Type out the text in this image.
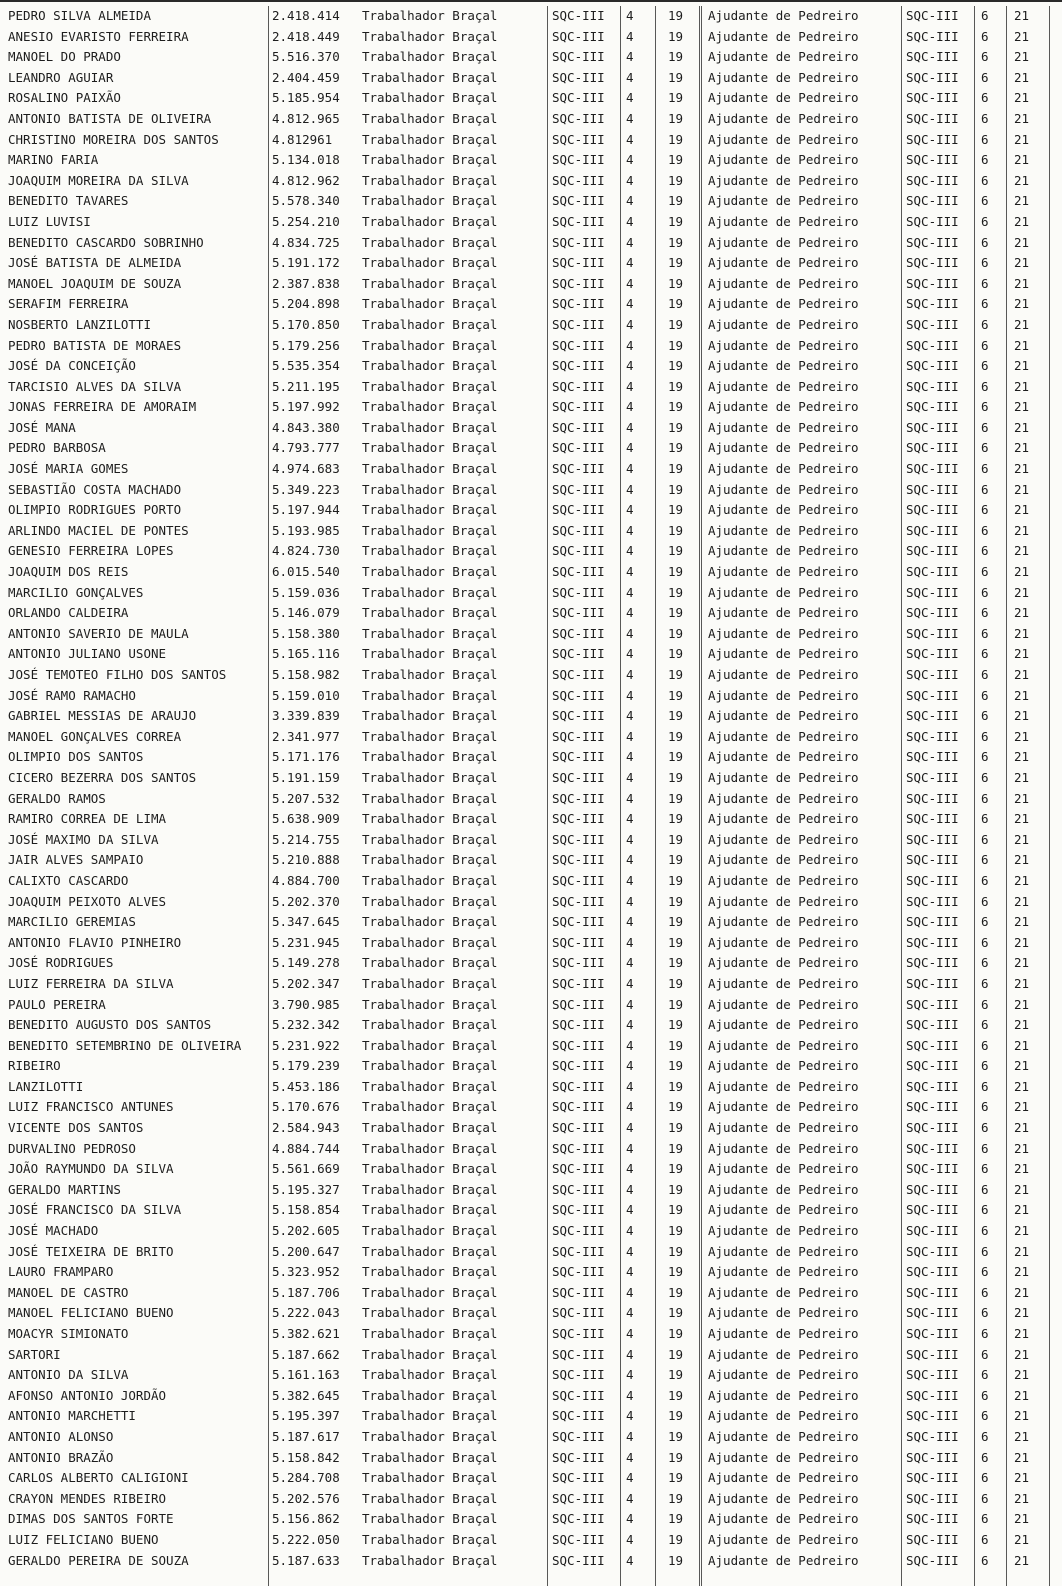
PEDRO SILVA ALMEIDA	2.418.414	Trabalhador Braçal	SQC-III	4	19	Ajudante de Pedreiro	SQC-III	6	21
ANESIO EVARISTO FERREIRA	2.418.449	Trabalhador Braçal	SQC-III	4	19	Ajudante de Pedreiro	SQC-III	6	21
MANOEL DO PRADO	5.516.370	Trabalhador Braçal	SQC-III	4	19	Ajudante de Pedreiro	SQC-III	6	21
LEANDRO AGUIAR	2.404.459	Trabalhador Braçal	SQC-III	4	19	Ajudante de Pedreiro	SQC-III	6	21
ROSALINO PAIXÃO	5.185.954	Trabalhador Braçal	SQC-III	4	19	Ajudante de Pedreiro	SQC-III	6	21
ANTONIO BATISTA DE OLIVEIRA	4.812.965	Trabalhador Braçal	SQC-III	4	19	Ajudante de Pedreiro	SQC-III	6	21
CHRISTINO MOREIRA DOS SANTOS	4.812961	Trabalhador Braçal	SQC-III	4	19	Ajudante de Pedreiro	SQC-III	6	21
MARINO FARIA	5.134.018	Trabalhador Braçal	SQC-III	4	19	Ajudante de Pedreiro	SQC-III	6	21
JOAQUIM MOREIRA DA SILVA	4.812.962	Trabalhador Braçal	SQC-III	4	19	Ajudante de Pedreiro	SQC-III	6	21
BENEDITO TAVARES	5.578.340	Trabalhador Braçal	SQC-III	4	19	Ajudante de Pedreiro	SQC-III	6	21
LUIZ LUVISI	5.254.210	Trabalhador Braçal	SQC-III	4	19	Ajudante de Pedreiro	SQC-III	6	21
BENEDITO CASCARDO SOBRINHO	4.834.725	Trabalhador Braçal	SQC-III	4	19	Ajudante de Pedreiro	SQC-III	6	21
JOSÉ BATISTA DE ALMEIDA	5.191.172	Trabalhador Braçal	SQC-III	4	19	Ajudante de Pedreiro	SQC-III	6	21
MANOEL JOAQUIM DE SOUZA	2.387.838	Trabalhador Braçal	SQC-III	4	19	Ajudante de Pedreiro	SQC-III	6	21
SERAFIM FERREIRA	5.204.898	Trabalhador Braçal	SQC-III	4	19	Ajudante de Pedreiro	SQC-III	6	21
NOSBERTO LANZILOTTI	5.170.850	Trabalhador Braçal	SQC-III	4	19	Ajudante de Pedreiro	SQC-III	6	21
PEDRO BATISTA DE MORAES	5.179.256	Trabalhador Braçal	SQC-III	4	19	Ajudante de Pedreiro	SQC-III	6	21
JOSÉ DA CONCEIÇÃO	5.535.354	Trabalhador Braçal	SQC-III	4	19	Ajudante de Pedreiro	SQC-III	6	21
TARCISIO ALVES DA SILVA	5.211.195	Trabalhador Braçal	SQC-III	4	19	Ajudante de Pedreiro	SQC-III	6	21
JONAS FERREIRA DE AMORAIM	5.197.992	Trabalhador Braçal	SQC-III	4	19	Ajudante de Pedreiro	SQC-III	6	21
JOSÉ MANA	4.843.380	Trabalhador Braçal	SQC-III	4	19	Ajudante de Pedreiro	SQC-III	6	21
PEDRO BARBOSA	4.793.777	Trabalhador Braçal	SQC-III	4	19	Ajudante de Pedreiro	SQC-III	6	21
JOSÉ MARIA GOMES	4.974.683	Trabalhador Braçal	SQC-III	4	19	Ajudante de Pedreiro	SQC-III	6	21
SEBASTIÃO COSTA MACHADO	5.349.223	Trabalhador Braçal	SQC-III	4	19	Ajudante de Pedreiro	SQC-III	6	21
OLIMPIO RODRIGUES PORTO	5.197.944	Trabalhador Braçal	SQC-III	4	19	Ajudante de Pedreiro	SQC-III	6	21
ARLINDO MACIEL DE PONTES	5.193.985	Trabalhador Braçal	SQC-III	4	19	Ajudante de Pedreiro	SQC-III	6	21
GENESIO FERREIRA LOPES	4.824.730	Trabalhador Braçal	SQC-III	4	19	Ajudante de Pedreiro	SQC-III	6	21
JOAQUIM DOS REIS	6.015.540	Trabalhador Braçal	SQC-III	4	19	Ajudante de Pedreiro	SQC-III	6	21
MARCILIO GONÇALVES	5.159.036	Trabalhador Braçal	SQC-III	4	19	Ajudante de Pedreiro	SQC-III	6	21
ORLANDO CALDEIRA	5.146.079	Trabalhador Braçal	SQC-III	4	19	Ajudante de Pedreiro	SQC-III	6	21
ANTONIO SAVERIO DE MAULA	5.158.380	Trabalhador Braçal	SQC-III	4	19	Ajudante de Pedreiro	SQC-III	6	21
ANTONIO JULIANO USONE	5.165.116	Trabalhador Braçal	SQC-III	4	19	Ajudante de Pedreiro	SQC-III	6	21
JOSÉ TEMOTEO FILHO DOS SANTOS	5.158.982	Trabalhador Braçal	SQC-III	4	19	Ajudante de Pedreiro	SQC-III	6	21
JOSÉ RAMO RAMACHO	5.159.010	Trabalhador Braçal	SQC-III	4	19	Ajudante de Pedreiro	SQC-III	6	21
GABRIEL MESSIAS DE ARAUJO	3.339.839	Trabalhador Braçal	SQC-III	4	19	Ajudante de Pedreiro	SQC-III	6	21
MANOEL GONÇALVES CORREA	2.341.977	Trabalhador Braçal	SQC-III	4	19	Ajudante de Pedreiro	SQC-III	6	21
OLIMPIO DOS SANTOS	5.171.176	Trabalhador Braçal	SQC-III	4	19	Ajudante de Pedreiro	SQC-III	6	21
CICERO BEZERRA DOS SANTOS	5.191.159	Trabalhador Braçal	SQC-III	4	19	Ajudante de Pedreiro	SQC-III	6	21
GERALDO RAMOS	5.207.532	Trabalhador Braçal	SQC-III	4	19	Ajudante de Pedreiro	SQC-III	6	21
RAMIRO CORREA DE LIMA	5.638.909	Trabalhador Braçal	SQC-III	4	19	Ajudante de Pedreiro	SQC-III	6	21
JOSÉ MAXIMO DA SILVA	5.214.755	Trabalhador Braçal	SQC-III	4	19	Ajudante de Pedreiro	SQC-III	6	21
JAIR ALVES SAMPAIO	5.210.888	Trabalhador Braçal	SQC-III	4	19	Ajudante de Pedreiro	SQC-III	6	21
CALIXTO CASCARDO	4.884.700	Trabalhador Braçal	SQC-III	4	19	Ajudante de Pedreiro	SQC-III	6	21
JOAQUIM PEIXOTO ALVES	5.202.370	Trabalhador Braçal	SQC-III	4	19	Ajudante de Pedreiro	SQC-III	6	21
MARCILIO GEREMIAS	5.347.645	Trabalhador Braçal	SQC-III	4	19	Ajudante de Pedreiro	SQC-III	6	21
ANTONIO FLAVIO PINHEIRO	5.231.945	Trabalhador Braçal	SQC-III	4	19	Ajudante de Pedreiro	SQC-III	6	21
JOSÉ RODRIGUES	5.149.278	Trabalhador Braçal	SQC-III	4	19	Ajudante de Pedreiro	SQC-III	6	21
LUIZ FERREIRA DA SILVA	5.202.347	Trabalhador Braçal	SQC-III	4	19	Ajudante de Pedreiro	SQC-III	6	21
PAULO PEREIRA	3.790.985	Trabalhador Braçal	SQC-III	4	19	Ajudante de Pedreiro	SQC-III	6	21
BENEDITO AUGUSTO DOS SANTOS	5.232.342	Trabalhador Braçal	SQC-III	4	19	Ajudante de Pedreiro	SQC-III	6	21
BENEDITO SETEMBRINO DE OLIVEIRA	5.231.922	Trabalhador Braçal	SQC-III	4	19	Ajudante de Pedreiro	SQC-III	6	21
RIBEIRO	5.179.239	Trabalhador Braçal	SQC-III	4	19	Ajudante de Pedreiro	SQC-III	6	21
LANZILOTTI	5.453.186	Trabalhador Braçal	SQC-III	4	19	Ajudante de Pedreiro	SQC-III	6	21
LUIZ FRANCISCO ANTUNES	5.170.676	Trabalhador Braçal	SQC-III	4	19	Ajudante de Pedreiro	SQC-III	6	21
VICENTE DOS SANTOS	2.584.943	Trabalhador Braçal	SQC-III	4	19	Ajudante de Pedreiro	SQC-III	6	21
DURVALINO PEDROSO	4.884.744	Trabalhador Braçal	SQC-III	4	19	Ajudante de Pedreiro	SQC-III	6	21
JOÃO RAYMUNDO DA SILVA	5.561.669	Trabalhador Braçal	SQC-III	4	19	Ajudante de Pedreiro	SQC-III	6	21
GERALDO MARTINS	5.195.327	Trabalhador Braçal	SQC-III	4	19	Ajudante de Pedreiro	SQC-III	6	21
JOSÉ FRANCISCO DA SILVA	5.158.854	Trabalhador Braçal	SQC-III	4	19	Ajudante de Pedreiro	SQC-III	6	21
JOSÉ MACHADO	5.202.605	Trabalhador Braçal	SQC-III	4	19	Ajudante de Pedreiro	SQC-III	6	21
JOSÉ TEIXEIRA DE BRITO	5.200.647	Trabalhador Braçal	SQC-III	4	19	Ajudante de Pedreiro	SQC-III	6	21
LAURO FRAMPARO	5.323.952	Trabalhador Braçal	SQC-III	4	19	Ajudante de Pedreiro	SQC-III	6	21
MANOEL DE CASTRO	5.187.706	Trabalhador Braçal	SQC-III	4	19	Ajudante de Pedreiro	SQC-III	6	21
MANOEL FELICIANO BUENO	5.222.043	Trabalhador Braçal	SQC-III	4	19	Ajudante de Pedreiro	SQC-III	6	21
MOACYR SIMIONATO	5.382.621	Trabalhador Braçal	SQC-III	4	19	Ajudante de Pedreiro	SQC-III	6	21
SARTORI	5.187.662	Trabalhador Braçal	SQC-III	4	19	Ajudante de Pedreiro	SQC-III	6	21
ANTONIO DA SILVA	5.161.163	Trabalhador Braçal	SQC-III	4	19	Ajudante de Pedreiro	SQC-III	6	21
AFONSO ANTONIO JORDÃO	5.382.645	Trabalhador Braçal	SQC-III	4	19	Ajudante de Pedreiro	SQC-III	6	21
ANTONIO MARCHETTI	5.195.397	Trabalhador Braçal	SQC-III	4	19	Ajudante de Pedreiro	SQC-III	6	21
ANTONIO ALONSO	5.187.617	Trabalhador Braçal	SQC-III	4	19	Ajudante de Pedreiro	SQC-III	6	21
ANTONIO BRAZÃO	5.158.842	Trabalhador Braçal	SQC-III	4	19	Ajudante de Pedreiro	SQC-III	6	21
CARLOS ALBERTO CALIGIONI	5.284.708	Trabalhador Braçal	SQC-III	4	19	Ajudante de Pedreiro	SQC-III	6	21
CRAYON MENDES RIBEIRO	5.202.576	Trabalhador Braçal	SQC-III	4	19	Ajudante de Pedreiro	SQC-III	6	21
DIMAS DOS SANTOS FORTE	5.156.862	Trabalhador Braçal	SQC-III	4	19	Ajudante de Pedreiro	SQC-III	6	21
LUIZ FELICIANO BUENO	5.222.050	Trabalhador Braçal	SQC-III	4	19	Ajudante de Pedreiro	SQC-III	6	21
GERALDO PEREIRA DE SOUZA	5.187.633	Trabalhador Braçal	SQC-III	4	19	Ajudante de Pedreiro	SQC-III	6	21
